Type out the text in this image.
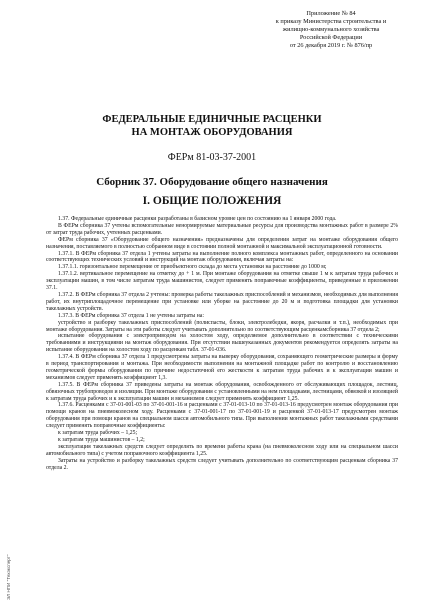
Приложение № 84
к приказу Министерства строительства и
жилищно-коммунального хозяйства
Российской Федерации
от 26 декабря 2019 г. № 876/пр
ФЕДЕРАЛЬНЫЕ ЕДИНИЧНЫЕ РАСЦЕНКИ
НА МОНТАЖ ОБОРУДОВАНИЯ
ФЕРм 81-03-37-2001
Сборник 37. Оборудование общего назначения
I. ОБЩИЕ ПОЛОЖЕНИЯ

1.37. Федеральные единичные расценки разработаны в базисном уровне цен по состоянию на 1 января 2000 года.

В ФЕРм сборника 37 учтены вспомогательные ненормируемые материальные ресурсы для производства монтажных работ в размере 2% от затрат труда рабочих, учтенных расценками.

ФЕРм сборника 37 «Оборудование общего назначения» предназначены для определения затрат на монтаже оборудования общего назначения, поставляемого в полностью собранном виде в состоянии полной монтажной и максимальной эксплуатационной готовности.

1.37.1. В ФЕРм сборника 37 отдела 1 учтены затраты на выполнение полного комплекса монтажных работ, определенного на основании соответствующих технических условий и инструкций на монтаж оборудования, включая затраты на:

1.37.1.1. горизонтальное перемещение от приобъектного склада до места установки на расстояние до 1000 м;

1.37.1.2. вертикальное перемещение на отметку до + 1 м. При монтаже оборудования на отметке свыше 1 м к затратам труда рабочих и эксплуатации машин, в том числе затратам труда машинистов, следует применять поправочные коэффициенты, приведенные в приложении 37.1.

1.37.2. В ФЕРм сборника 37 отдела 2 учтены: проверка работы такелажных приспособлений и механизмов, необходимых для выполнения работ, их внутриплощадочное перемещение при установке или уборке на расстояние до 20 м и подготовка площадки для установки такелажных устройств.

1.37.3. В ФЕРм сборника 37 отдела 1 не учтены затраты на:

устройство и разборку такелажных приспособлений (полиспасты, блоки, электролебедки, якоря, расчалки и т.п.), необходимых при монтаже оборудования. Затраты на эти работы следует учитывать дополнительно по соответствующим расценкамсборника 37 отдела 2;

испытание оборудования с электроприводом на холостом ходу, определяемое дополнительно в соответствии с техническими требованиями и инструкциями на монтаж оборудования. При отсутствии вышеуказанных документов рекомендуется определять затраты на испытание оборудования на холостом ходу по расценкам табл. 37-01-036.

1.37.4. В ФЕРм сборника 37 отдела 1 предусмотрены затраты на выверку оборудования, сохраняющего геометрические размеры и форму в период транспортирования и монтажа. При необходимости выполнения на монтажной площадке работ по контролю и восстановлению геометрической формы оборудования по причине недостаточной его жесткости к затратам труда рабочих и к эксплуатации машин и механизмов следует применять коэффициент 1,3.

1.37.5. В ФЕРм сборника 37 приведены затраты на монтаж оборудования, освобожденного от обслуживающих площадок, лестниц, обвязочных трубопроводов и изоляции. При монтаже оборудования с установленными на нем площадками, лестницами, обвязкой и изоляцией к затратам труда рабочих и к эксплуатации машин и механизмов следует применять коэффициент 1,25.

1.37.6. Расценками с 37-01-001-03 по 37-01-001-16 и расценками с 37-01-013-10 по 37-01-013-16 предусмотрен монтаж оборудования при помощи кранов на пневмоколесном ходу. Расценками с 37-01-001-17 по 37-01-001-19 и расценкой 37-01-013-17 предусмотрен монтаж оборудования при помощи кранов на специальном шасси автомобильного типа. При выполнении монтажных работ такелажными средствами следует применять поправочные коэффициенты:

к затратам труда рабочих – 1,25;

к затратам труда машинистов – 1,2;

эксплуатация такелажных средств следует определять по времени работы крана (на пневмоколесном ходу или на специальном шасси автомобильного типа) с учетом поправочного коэффициента 1,25.

Затраты на устройство и разборку такелажных средств следует учитывать дополнительно по соответствующим расценкам сборника 37 отдела 2.

ЭЛ НПИ "Техэксперт"
